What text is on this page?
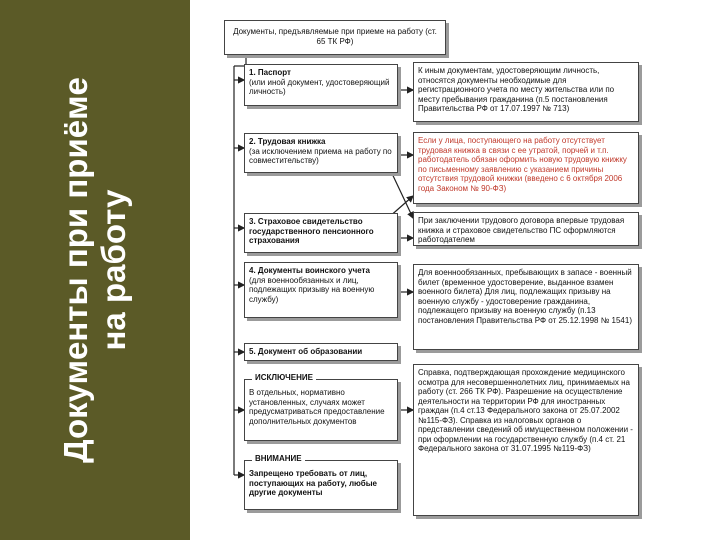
Документы при приёме на работу
Документы, предъявляемые при приеме на работу (ст. 65 ТК РФ)
1. Паспорт
(или иной документ, удостоверяющий личность)
2. Трудовая книжка
(за исключением приема на работу по совместительству)
3. Страховое свидетельство государственного пенсионного страхования
4. Документы воинского учета
(для военнообязанных и лиц, подлежащих призыву на военную службу)
5. Документ об образовании
В отдельных, нормативно установленных, случаях может предусматриваться предоставление дополнительных документов
ИСКЛЮЧЕНИЕ
Запрещено требовать от лиц, поступающих на работу, любые другие документы
ВНИМАНИЕ
К иным документам, удостоверяющим личность, относятся документы необходимые для регистрационного учета по месту жительства или по месту пребывания гражданина (п.5 постановления Правительства РФ от 17.07.1997 № 713)
Если у лица, поступающего на работу отсутствует трудовая книжка в связи с ее утратой, порчей и т.п. работодатель обязан оформить новую трудовую книжку по письменному заявлению с указанием причины отсутствия трудовой книжки (введено с 6 октября 2006 года Законом № 90-ФЗ)
При заключении трудового договора впервые трудовая книжка и страховое свидетельство ПС оформляются работодателем
Для военнообязанных, пребывающих в запасе - военный билет (временное удостоверение, выданное взамен военного билета) Для лиц, подлежащих призыву на военную службу - удостоверение гражданина, подлежащего призыву на военную службу (п.13 постановления Правительства РФ от 25.12.1998 № 1541)
Справка, подтверждающая прохождение медицинского осмотра для несовершеннолетних лиц, принимаемых на работу (ст. 266 ТК РФ). Разрешение на осуществление деятельности на территории РФ для иностранных граждан (п.4 ст.13 Федерального закона от 25.07.2002 №115-ФЗ). Справка из налоговых органов о представлении сведений об имущественном положении - при оформлении на государственную службу (п.4 ст. 21 Федерального закона от 31.07.1995 №119-ФЗ)
